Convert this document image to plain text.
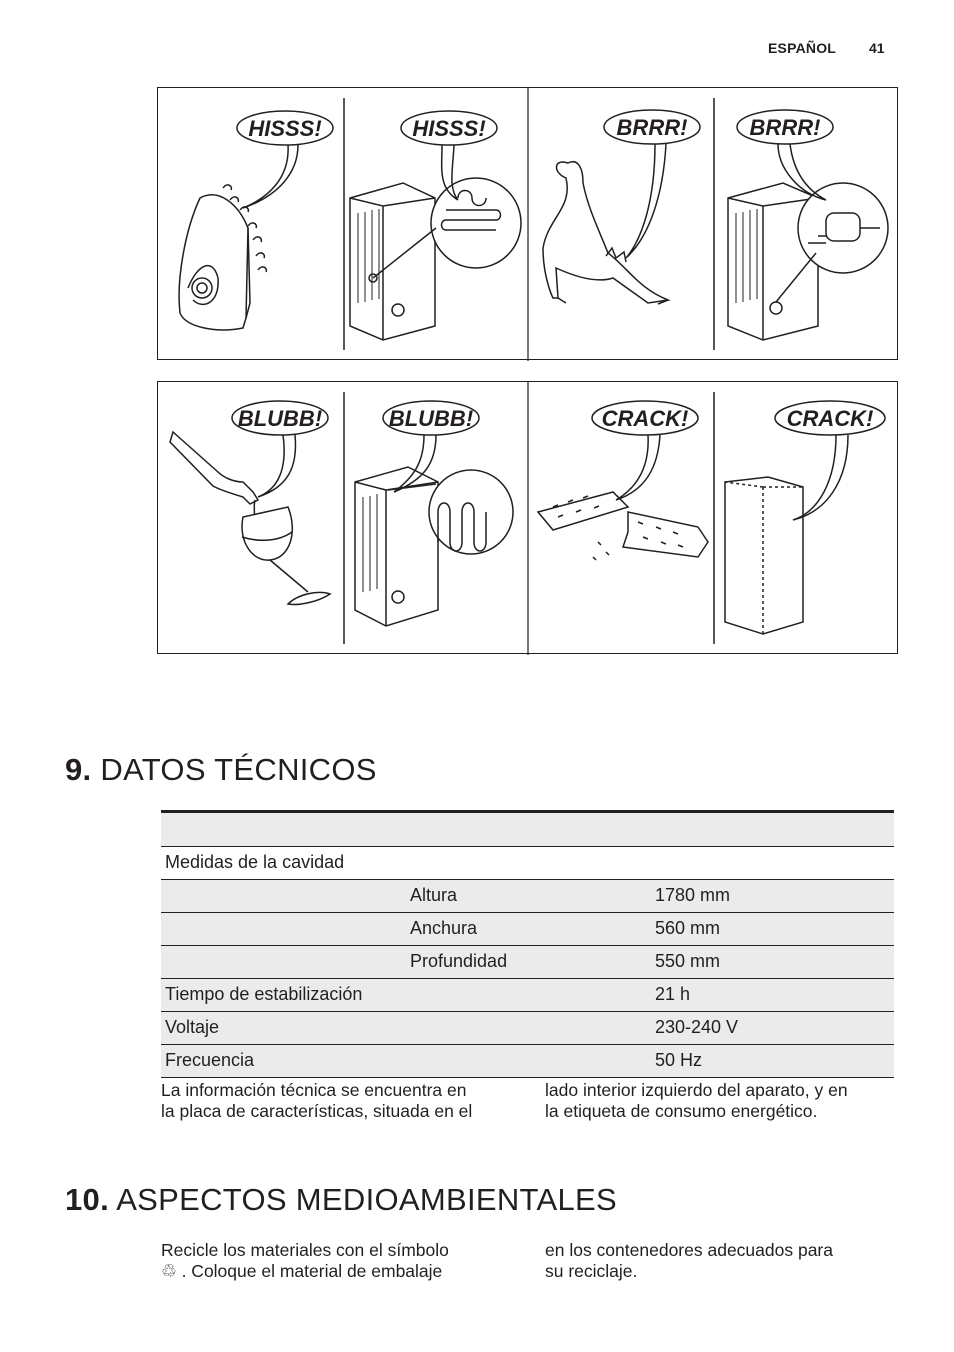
ESPAÑOL 41
HISSS!	HISSS!	BRRR!	BRRR!
BLUBB!	BLUBB!	CRACK!	CRACK!
9. DATOS TÉCNICOS
Medidas de la cavidad
Altura	1780 mm
Anchura	560 mm
Profundidad	550 mm
Tiempo de estabilización	21 h
Voltaje	230-240 V
Frecuencia	50 Hz
La información técnica se encuentra en
la placa de características, situada en el
lado interior izquierdo del aparato, y en
la etiqueta de consumo energético.
10. ASPECTOS MEDIOAMBIENTALES
Recicle los materiales con el símbolo
♲ . Coloque el material de embalaje
en los contenedores adecuados para
su reciclaje.
